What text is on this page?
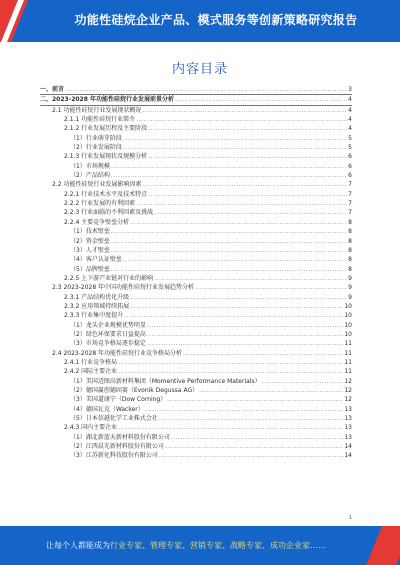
功能性硅烷企业产品、模式服务等创新策略研究报告
内容目录
一、前言 .....	3
二、2023-2028 年功能性硅烷行业发展前景分析 .....	4
2.1 功能性硅烷行业发展现状概况 .....	4
2.1.1 功能性硅烷行业简介 .....	4
2.1.2 行业发展历程及主要阶段 .....	4
（1）行业萌芽阶段 .....	5
（2）行业发展阶段 .....	5
2.1.3 行业发展现状及规模分析 .....	6
（1）市场规模 .....	6
（2）产品结构 .....	6
2.2 功能性硅烷行业发展影响因素 .....	7
2.2.1 行业技术水平及技术特点 .....	7
2.2.2 行业发展的有利因素 .....	7
2.2.3 行业面临的不利因素及挑战 .....	7
2.2.4 主要竞争壁垒分析 .....	8
（1）技术壁垒 .....	8
（2）资金壁垒 .....	8
（3）人才壁垒 .....	8
（4）客户认证壁垒 .....	8
（5）品牌壁垒 .....	8
2.2.5 上下游产业链对行业的影响 .....	9
2.3 2023-2028 年中国功能性硅烷行业发展趋势分析 .....	9
2.3.1 产品结构优化升级 .....	9
2.3.2 应用领域持续拓展 .....	10
2.3.3 行业集中度提升 .....	10
（1）龙头企业规模优势明显 .....	10
（2）绿色环保要求日益提高 .....	10
（3）市场竞争格局逐步稳定 .....	11
2.4 2023-2028 年功能性硅烷行业竞争格局分析 .....	11
2.4.1 行业竞争格局 .....	11
2.4.2 国际主要企业 .....	11
（1）美国迈图高新材料集团（Momentive Performance Materials） .....	12
（2）德国赢创德固赛（Evonik Degussa AG） .....	12
（3）美国道康宁（Dow Corning） .....	12
（4）德国瓦克（Wacker） .....	13
（5）日本信越化学工业株式会社 .....	13
2.4.3 国内主要企业 .....	13
（1）湖北新蓝天新材料股份有限公司 .....	13
（2）江西晨光新材料股份有限公司 .....	14
（3）江苏新化科技股份有限公司 .....	14
1
让每个人都能成为行业专家、管理专家、营销专家、战略专家、成功企业家……
